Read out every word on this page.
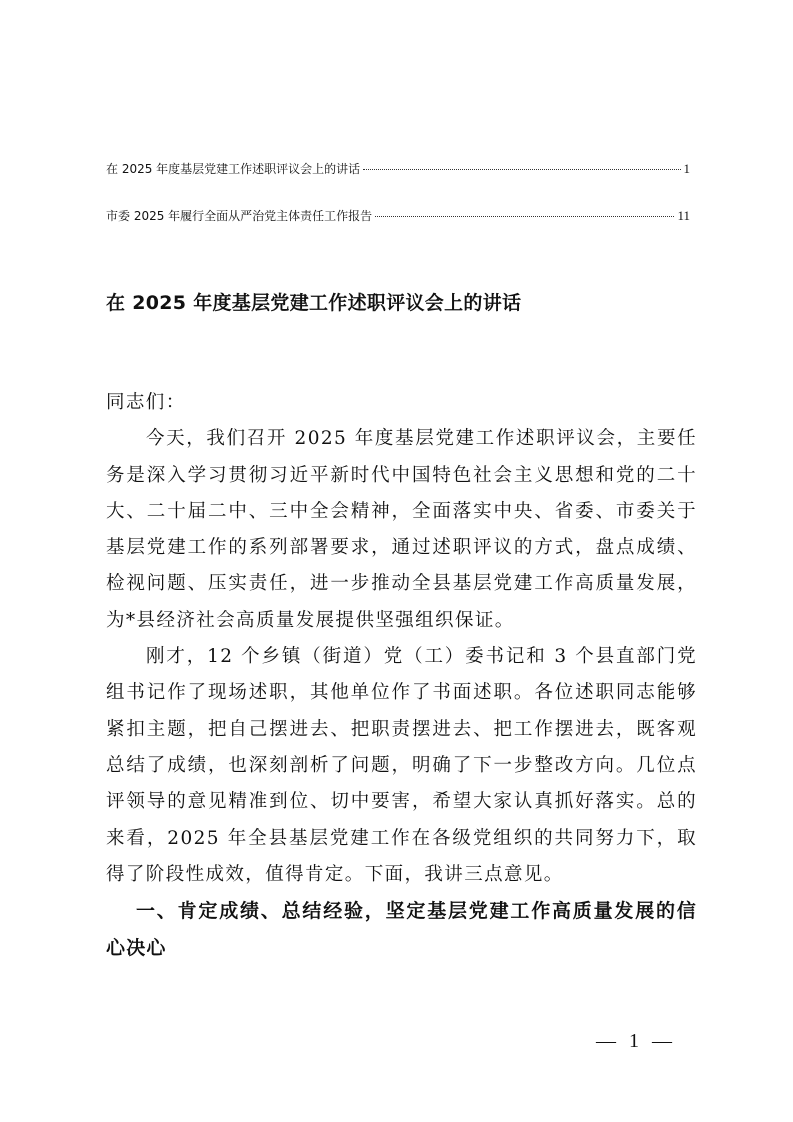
在 2025 年度基层党建工作述职评议会上的讲话	1
市委 2025 年履行全面从严治党主体责任工作报告	11
在 2025 年度基层党建工作述职评议会上的讲话

同志们：

今天，我们召开 2025 年度基层党建工作述职评议会，主要任务是深入学习贯彻习近平新时代中国特色社会主义思想和党的二十大、二十届二中、三中全会精神，全面落实中央、省委、市委关于基层党建工作的系列部署要求，通过述职评议的方式，盘点成绩、检视问题、压实责任，进一步推动全县基层党建工作高质量发展，为*县经济社会高质量发展提供坚强组织保证。

刚才，12 个乡镇（街道）党（工）委书记和 3 个县直部门党组书记作了现场述职，其他单位作了书面述职。各位述职同志能够紧扣主题，把自己摆进去、把职责摆进去、把工作摆进去，既客观总结了成绩，也深刻剖析了问题，明确了下一步整改方向。几位点评领导的意见精准到位、切中要害，希望大家认真抓好落实。总的来看，2025 年全县基层党建工作在各级党组织的共同努力下，取得了阶段性成效，值得肯定。下面，我讲三点意见。

一、肯定成绩、总结经验，坚定基层党建工作高质量发展的信心决心

— 1 —
